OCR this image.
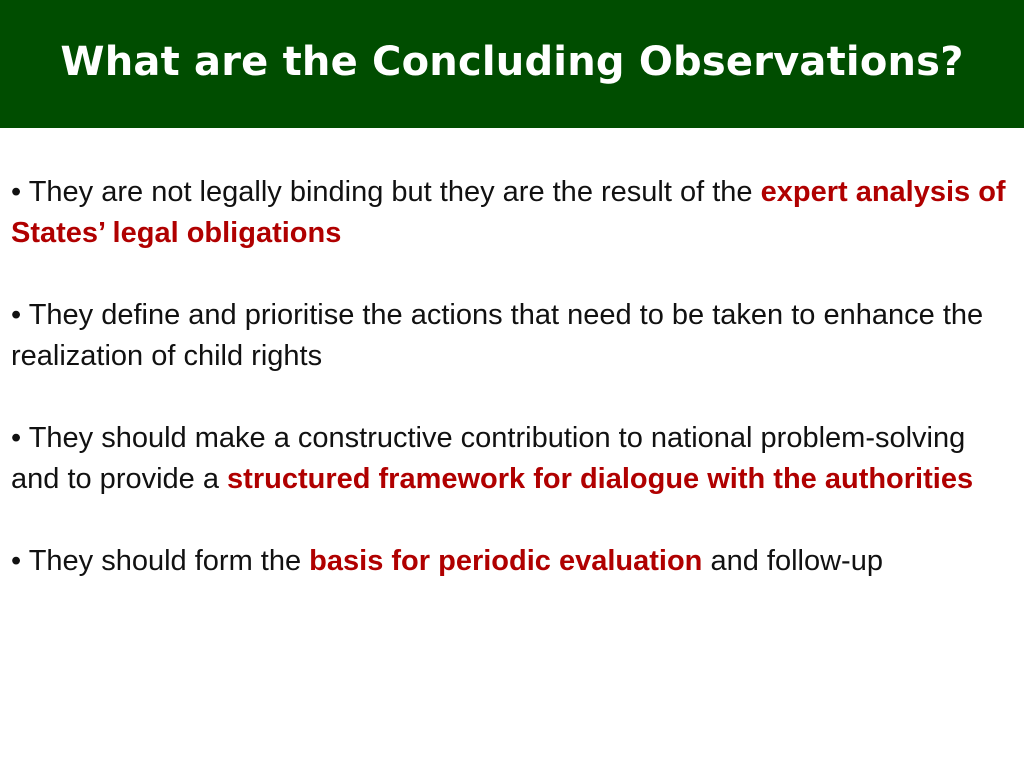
What are the Concluding Observations?

• They are not legally binding but they are the result of the expert analysis of States’ legal obligations

• They define and prioritise the actions that need to be taken to enhance the realization of child rights

• They should make a constructive contribution to national problem-solving and to provide a structured framework for dialogue with the authorities

• They should form the basis for periodic evaluation and follow-up
